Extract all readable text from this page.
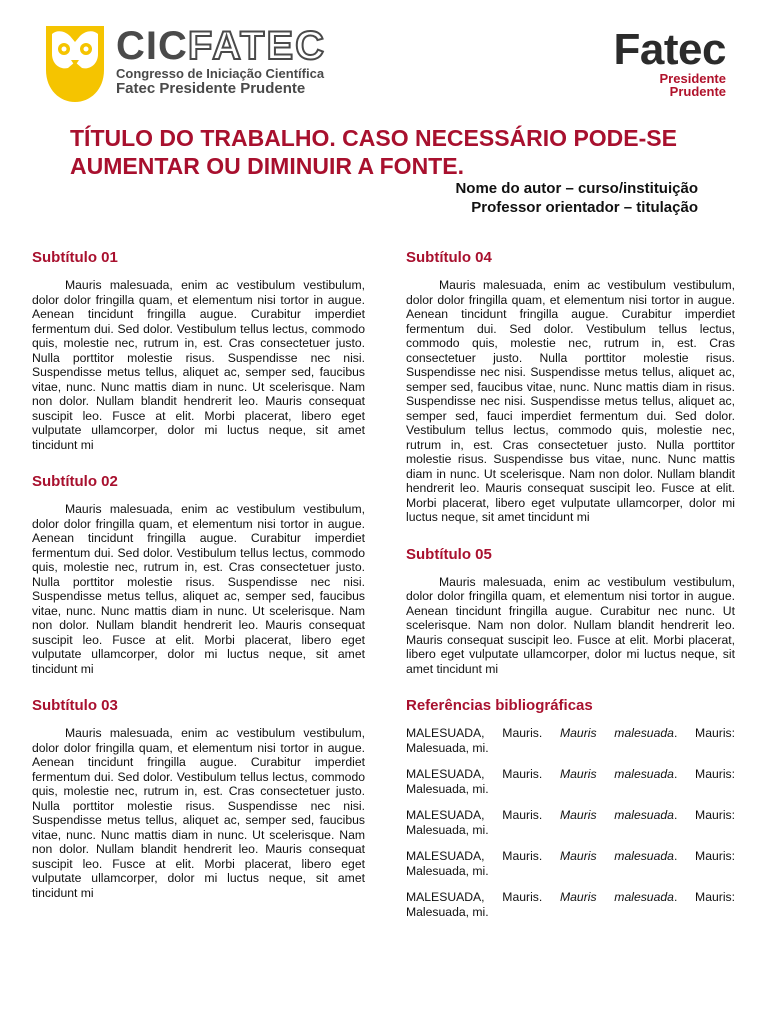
CICFATEC
Congresso de Iniciação Científica
Fatec Presidente Prudente
Fatec
Presidente
Prudente
TÍTULO DO TRABALHO. CASO NECESSÁRIO PODE-SE AUMENTAR OU DIMINUIR A FONTE.
Nome do autor – curso/instituição
Professor orientador – titulação
Subtítulo 01

Mauris malesuada, enim ac vestibulum vestibulum, dolor dolor fringilla quam, et elementum nisi tortor in augue. Aenean tincidunt fringilla augue. Curabitur imperdiet fermentum dui. Sed dolor. Vestibulum tellus lectus, commodo quis, molestie nec, rutrum in, est. Cras consectetuer justo. Nulla porttitor molestie risus. Suspendisse nec nisi. Suspendisse metus tellus, aliquet ac, semper sed, faucibus vitae, nunc. Nunc mattis diam in nunc. Ut scelerisque. Nam non dolor. Nullam blandit hendrerit leo. Mauris consequat suscipit leo. Fusce at elit. Morbi placerat, libero eget vulputate ullamcorper, dolor mi luctus neque, sit amet tincidunt mi

Subtítulo 02

Mauris malesuada, enim ac vestibulum vestibulum, dolor dolor fringilla quam, et elementum nisi tortor in augue. Aenean tincidunt fringilla augue. Curabitur imperdiet fermentum dui. Sed dolor. Vestibulum tellus lectus, commodo quis, molestie nec, rutrum in, est. Cras consectetuer justo. Nulla porttitor molestie risus. Suspendisse nec nisi. Suspendisse metus tellus, aliquet ac, semper sed, faucibus vitae, nunc. Nunc mattis diam in nunc. Ut scelerisque. Nam non dolor. Nullam blandit hendrerit leo. Mauris consequat suscipit leo. Fusce at elit. Morbi placerat, libero eget vulputate ullamcorper, dolor mi luctus neque, sit amet tincidunt mi

Subtítulo 03

Mauris malesuada, enim ac vestibulum vestibulum, dolor dolor fringilla quam, et elementum nisi tortor in augue. Aenean tincidunt fringilla augue. Curabitur imperdiet fermentum dui. Sed dolor. Vestibulum tellus lectus, commodo quis, molestie nec, rutrum in, est. Cras consectetuer justo. Nulla porttitor molestie risus. Suspendisse nec nisi. Suspendisse metus tellus, aliquet ac, semper sed, faucibus vitae, nunc. Nunc mattis diam in nunc. Ut scelerisque. Nam non dolor. Nullam blandit hendrerit leo. Mauris consequat suscipit leo. Fusce at elit. Morbi placerat, libero eget vulputate ullamcorper, dolor mi luctus neque, sit amet tincidunt mi

Subtítulo 04

Mauris malesuada, enim ac vestibulum vestibulum, dolor dolor fringilla quam, et elementum nisi tortor in augue. Aenean tincidunt fringilla augue. Curabitur imperdiet fermentum dui. Sed dolor. Vestibulum tellus lectus, commodo quis, molestie nec, rutrum in, est. Cras consectetuer justo. Nulla porttitor molestie risus. Suspendisse nec nisi. Suspendisse metus tellus, aliquet ac, semper sed, faucibus vitae, nunc. Nunc mattis diam in risus. Suspendisse nec nisi. Suspendisse metus tellus, aliquet ac, semper sed, fauci imperdiet fermentum dui. Sed dolor. Vestibulum tellus lectus, commodo quis, molestie nec, rutrum in, est. Cras consectetuer justo. Nulla porttitor molestie risus. Suspendisse bus vitae, nunc. Nunc mattis diam in nunc. Ut scelerisque. Nam non dolor. Nullam blandit hendrerit leo. Mauris consequat suscipit leo. Fusce at elit. Morbi placerat, libero eget vulputate ullamcorper, dolor mi luctus neque, sit amet tincidunt mi

Subtítulo 05

Mauris malesuada, enim ac vestibulum vestibulum, dolor dolor fringilla quam, et elementum nisi tortor in augue. Aenean tincidunt fringilla augue. Curabitur nec nunc. Ut scelerisque. Nam non dolor. Nullam blandit hendrerit leo. Mauris consequat suscipit leo. Fusce at elit. Morbi placerat, libero eget vulputate ullamcorper, dolor mi luctus neque, sit amet tincidunt mi

Referências bibliográficas

MALESUADA, Mauris. Mauris malesuada. Mauris: Malesuada, mi.

MALESUADA, Mauris. Mauris malesuada. Mauris: Malesuada, mi.

MALESUADA, Mauris. Mauris malesuada. Mauris: Malesuada, mi.

MALESUADA, Mauris. Mauris malesuada. Mauris: Malesuada, mi.

MALESUADA, Mauris. Mauris malesuada. Mauris: Malesuada, mi.
